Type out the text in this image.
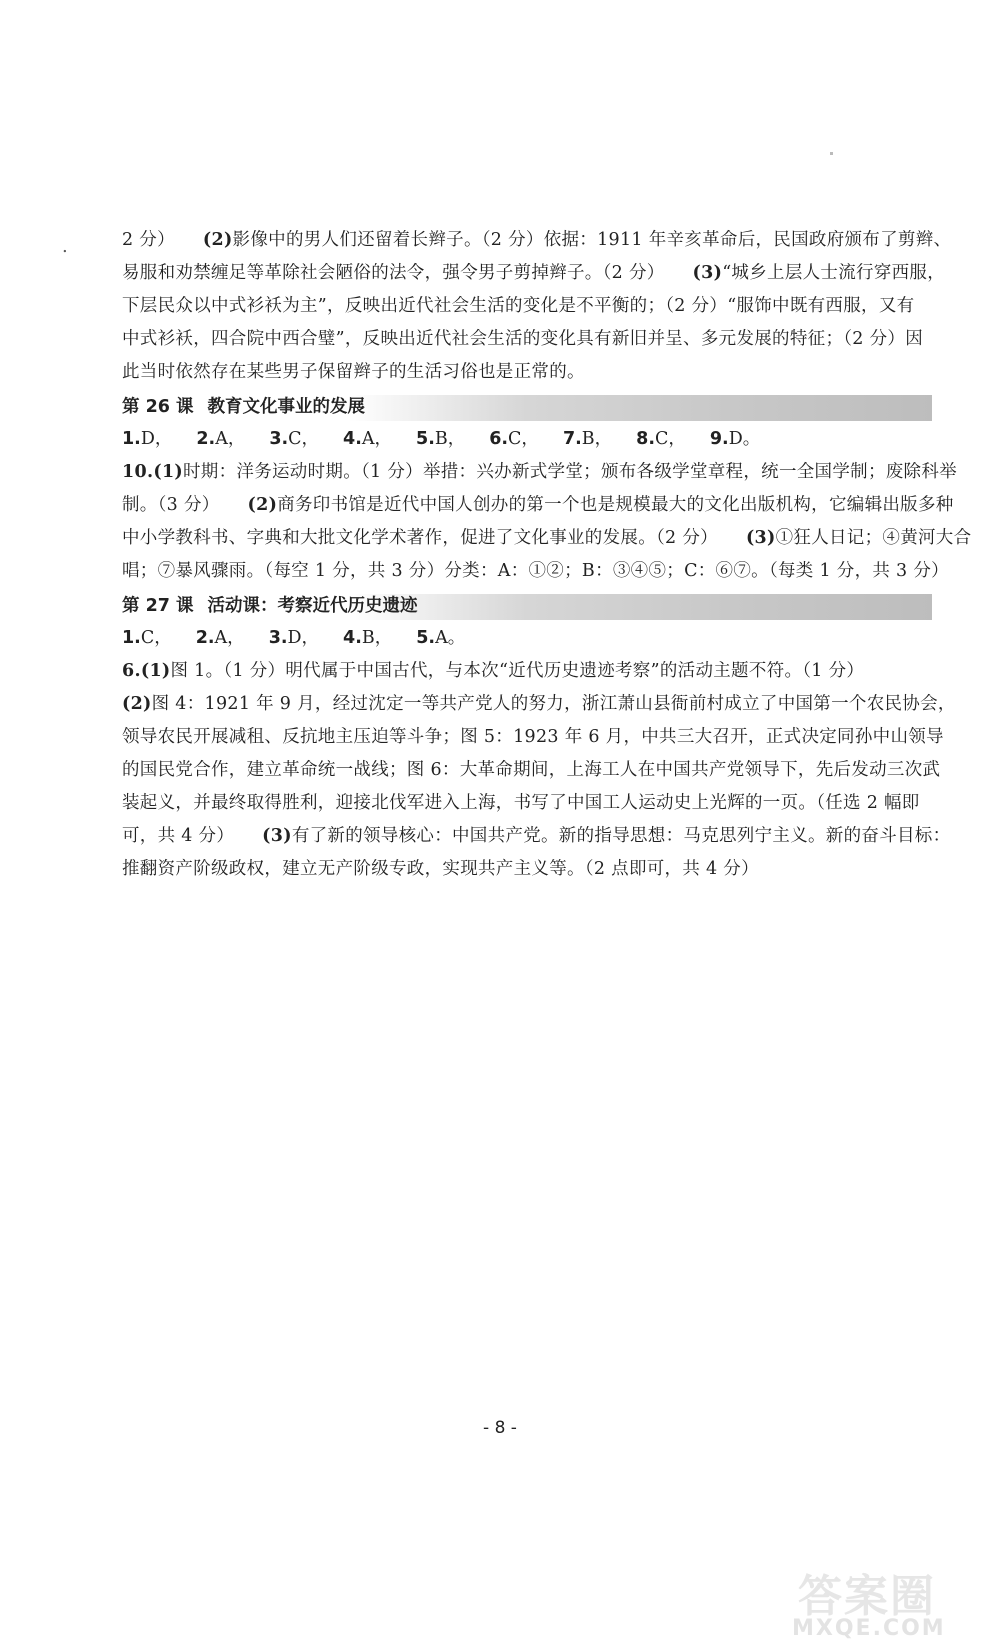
.	2 分） (2)影像中的男人们还留着长辫子。（2 分）依据：1911 年辛亥革命后，民国政府颁布了剪辫、
易服和劝禁缠足等革除社会陋俗的法令，强令男子剪掉辫子。（2 分） (3)“城乡上层人士流行穿西服，
下层民众以中式衫袄为主”，反映出近代社会生活的变化是不平衡的；（2 分）“服饰中既有西服，又有
中式衫袄，四合院中西合璧”，反映出近代社会生活的变化具有新旧并呈、多元发展的特征；（2 分）因
此当时依然存在某些男子保留辫子的生活习俗也是正常的。
第 26 课 教育文化事业的发展
1.D， 2.A， 3.C， 4.A， 5.B， 6.C， 7.B， 8.C， 9.D。
10.(1)时期：洋务运动时期。（1 分）举措：兴办新式学堂；颁布各级学堂章程，统一全国学制；废除科举
制。（3 分） (2)商务印书馆是近代中国人创办的第一个也是规模最大的文化出版机构，它编辑出版多种
中小学教科书、字典和大批文化学术著作，促进了文化事业的发展。（2 分） (3)①狂人日记；④黄河大合
唱；⑦暴风骤雨。（每空 1 分，共 3 分）分类：A：①②；B：③④⑤；C：⑥⑦。（每类 1 分，共 3 分）
第 27 课 活动课：考察近代历史遗迹
1.C， 2.A， 3.D， 4.B， 5.A。
6.(1)图 1。（1 分）明代属于中国古代，与本次“近代历史遗迹考察”的活动主题不符。（1 分）
(2)图 4：1921 年 9 月，经过沈定一等共产党人的努力，浙江萧山县衙前村成立了中国第一个农民协会，
领导农民开展减租、反抗地主压迫等斗争；图 5：1923 年 6 月，中共三大召开，正式决定同孙中山领导
的国民党合作，建立革命统一战线；图 6：大革命期间，上海工人在中国共产党领导下，先后发动三次武
装起义，并最终取得胜利，迎接北伐军进入上海，书写了中国工人运动史上光辉的一页。（任选 2 幅即
可，共 4 分） (3)有了新的领导核心：中国共产党。新的指导思想：马克思列宁主义。新的奋斗目标：
推翻资产阶级政权，建立无产阶级专政，实现共产主义等。（2 点即可，共 4 分）
- 8 -
答案圈
MXQE.COM
